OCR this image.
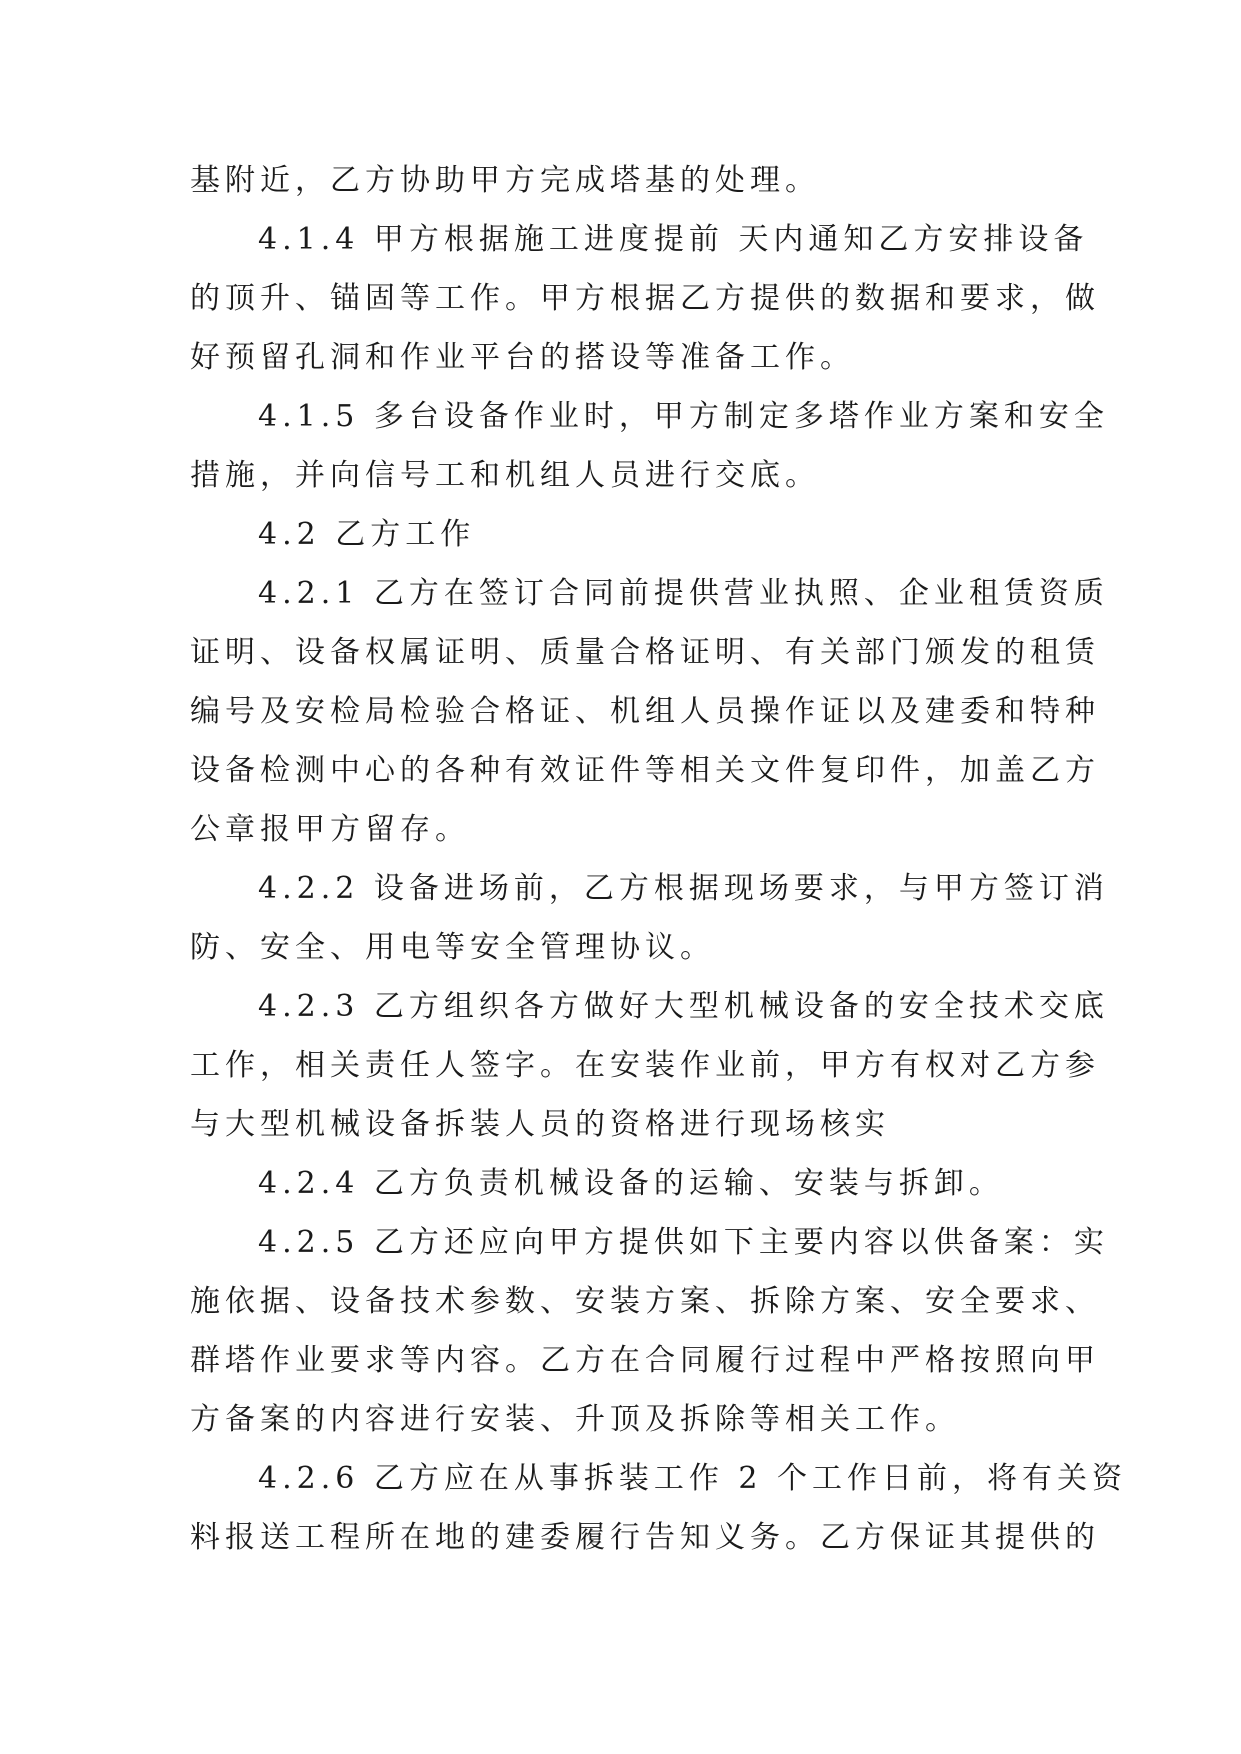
基附近，乙方协助甲方完成塔基的处理。
4.1.4 甲方根据施工进度提前 天内通知乙方安排设备
的顶升、锚固等工作。甲方根据乙方提供的数据和要求，做
好预留孔洞和作业平台的搭设等准备工作。
4.1.5 多台设备作业时，甲方制定多塔作业方案和安全
措施，并向信号工和机组人员进行交底。
4.2 乙方工作
4.2.1 乙方在签订合同前提供营业执照、企业租赁资质
证明、设备权属证明、质量合格证明、有关部门颁发的租赁
编号及安检局检验合格证、机组人员操作证以及建委和特种
设备检测中心的各种有效证件等相关文件复印件，加盖乙方
公章报甲方留存。
4.2.2 设备进场前，乙方根据现场要求，与甲方签订消
防、安全、用电等安全管理协议。
4.2.3 乙方组织各方做好大型机械设备的安全技术交底
工作，相关责任人签字。在安装作业前，甲方有权对乙方参
与大型机械设备拆装人员的资格进行现场核实
4.2.4 乙方负责机械设备的运输、安装与拆卸。
4.2.5 乙方还应向甲方提供如下主要内容以供备案：实
施依据、设备技术参数、安装方案、拆除方案、安全要求、
群塔作业要求等内容。乙方在合同履行过程中严格按照向甲
方备案的内容进行安装、升顶及拆除等相关工作。
4.2.6 乙方应在从事拆装工作 2 个工作日前，将有关资
料报送工程所在地的建委履行告知义务。乙方保证其提供的
